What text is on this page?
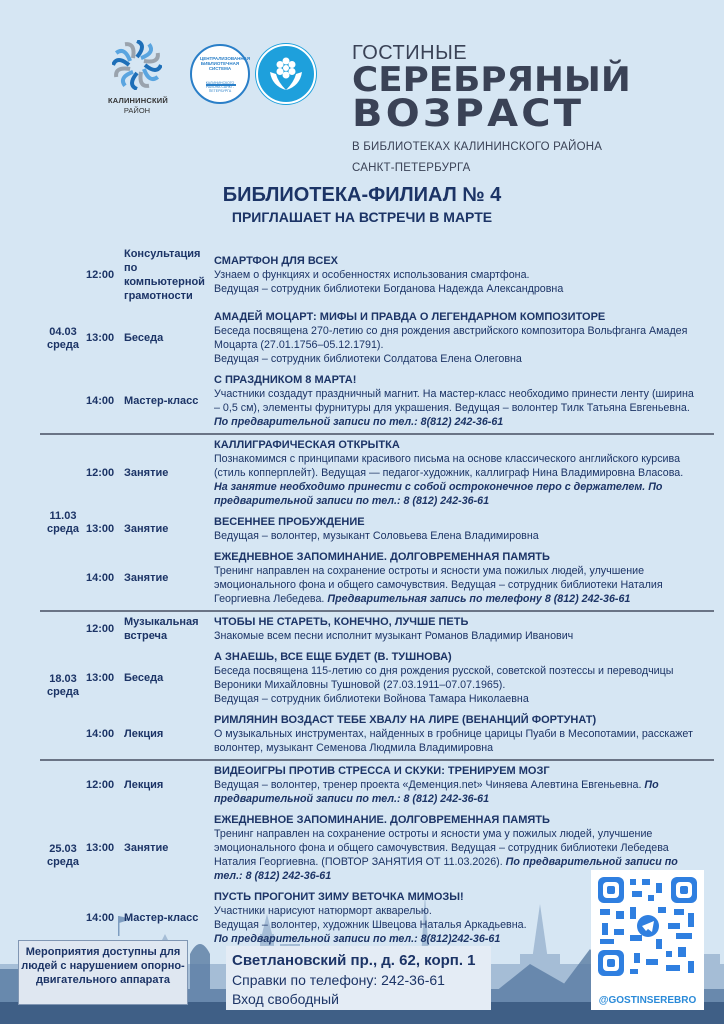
КАЛИНИНСКИЙ
РАЙОН
ЦЕНТРАЛИЗОВАННАЯ БИБЛИОТЕЧНАЯ СИСТЕМА
КАЛИНИНСКОГО РАЙОНА САНКТ-ПЕТЕРБУРГА
ГОСТИНЫЕ
СЕРЕБРЯНЫЙ
ВОЗРАСТ
В БИБЛИОТЕКАХ КАЛИНИНСКОГО РАЙОНА
САНКТ-ПЕТЕРБУРГА
БИБЛИОТЕКА-ФИЛИАЛ № 4
ПРИГЛАШАЕТ НА ВСТРЕЧИ В МАРТЕ
04.03
среда
12:00
Консультация по компьютерной грамотности
СМАРТФОН ДЛЯ ВСЕХ
Узнаем о функциях и особенностях использования смартфона.
Ведущая – сотрудник библиотеки Богданова Надежда Александровна
13:00 Беседа
АМАДЕЙ МОЦАРТ: МИФЫ И ПРАВДА О ЛЕГЕНДАРНОМ КОМПОЗИТОРЕ
Беседа посвящена 270-летию со дня рождения австрийского композитора Вольфганга Амадея Моцарта (27.01.1756–05.12.1791).
Ведущая – сотрудник библиотеки Солдатова Елена Олеговна
14:00 Мастер-класс
С ПРАЗДНИКОМ 8 МАРТА!
Участники создадут праздничный магнит. На мастер-класс необходимо принести ленту (ширина – 0,5 см), элементы фурнитуры для украшения. Ведущая – волонтер Тилк Татьяна Евгеньевна. По предварительной записи по тел.: 8(812) 242-36-61
11.03
среда
12:00 Занятие
КАЛЛИГРАФИЧЕСКАЯ ОТКРЫТКА
Познакомимся с принципами красивого письма на основе классического английского курсива (стиль копперплейт). Ведущая — педагог-художник, каллиграф Нина Владимировна Власова. На занятие необходимо принести с собой остроконечное перо с держателем. По предварительной записи по тел.: 8 (812) 242-36-61
13:00 Занятие
ВЕСЕННЕЕ ПРОБУЖДЕНИЕ
Ведущая – волонтер, музыкант Соловьева Елена Владимировна
14:00 Занятие
ЕЖЕДНЕВНОЕ ЗАПОМИНАНИЕ. ДОЛГОВРЕМЕННАЯ ПАМЯТЬ
Тренинг направлен на сохранение остроты и ясности ума пожилых людей, улучшение эмоционального фона и общего самочувствия. Ведущая – сотрудник библиотеки Наталия Георгиевна Лебедева. Предварительная запись по телефону 8 (812) 242-36-61
18.03
среда
12:00
Музыкальная встреча
ЧТОБЫ НЕ СТАРЕТЬ, КОНЕЧНО, ЛУЧШЕ ПЕТЬ
Знакомые всем песни исполнит музыкант Романов Владимир Иванович
13:00 Беседа
А ЗНАЕШЬ, ВСЕ ЕЩЕ БУДЕТ (В. ТУШНОВА)
Беседа посвящена 115-летию со дня рождения русской, советской поэтессы и переводчицы Вероники Михайловны Тушновой (27.03.1911–07.07.1965).
Ведущая – сотрудник библиотеки Войнова Тамара Николаевна
14:00 Лекция
РИМЛЯНИН ВОЗДАСТ ТЕБЕ ХВАЛУ НА ЛИРЕ (ВЕНАНЦИЙ ФОРТУНАТ)
О музыкальных инструментах, найденных в гробнице царицы Пуаби в Месопотамии, расскажет волонтер, музыкант Семенова Людмила Владимировна
25.03
среда
12:00 Лекция
ВИДЕОИГРЫ ПРОТИВ СТРЕССА И СКУКИ: ТРЕНИРУЕМ МОЗГ
Ведущая – волонтер, тренер проекта «Деменция.net» Чиняева Алевтина Евгеньевна. По предварительной записи по тел.: 8 (812) 242-36-61
13:00 Занятие
ЕЖЕДНЕВНОЕ ЗАПОМИНАНИЕ. ДОЛГОВРЕМЕННАЯ ПАМЯТЬ
Тренинг направлен на сохранение остроты и ясности ума у пожилых людей, улучшение эмоционального фона и общего самочувствия. Ведущая – сотрудник библиотеки Лебедева Наталия Георгиевна. (ПОВТОР ЗАНЯТИЯ ОТ 11.03.2026). По предварительной записи по тел.: 8 (812) 242-36-61
14:00 Мастер-класс
ПУСТЬ ПРОГОНИТ ЗИМУ ВЕТОЧКА МИМОЗЫ!
Участники нарисуют натюрморт акварелью.
Ведущая – волонтер, художник Швецова Наталья Аркадьевна.
По предварительной записи по тел.: 8(812)242-36-61
Мероприятия доступны для людей с нарушением опорно-двигательного аппарата
Светлановский пр., д. 62, корп. 1
Справки по телефону: 242-36-61
Вход свободный	@GOSTINSEREBRO
